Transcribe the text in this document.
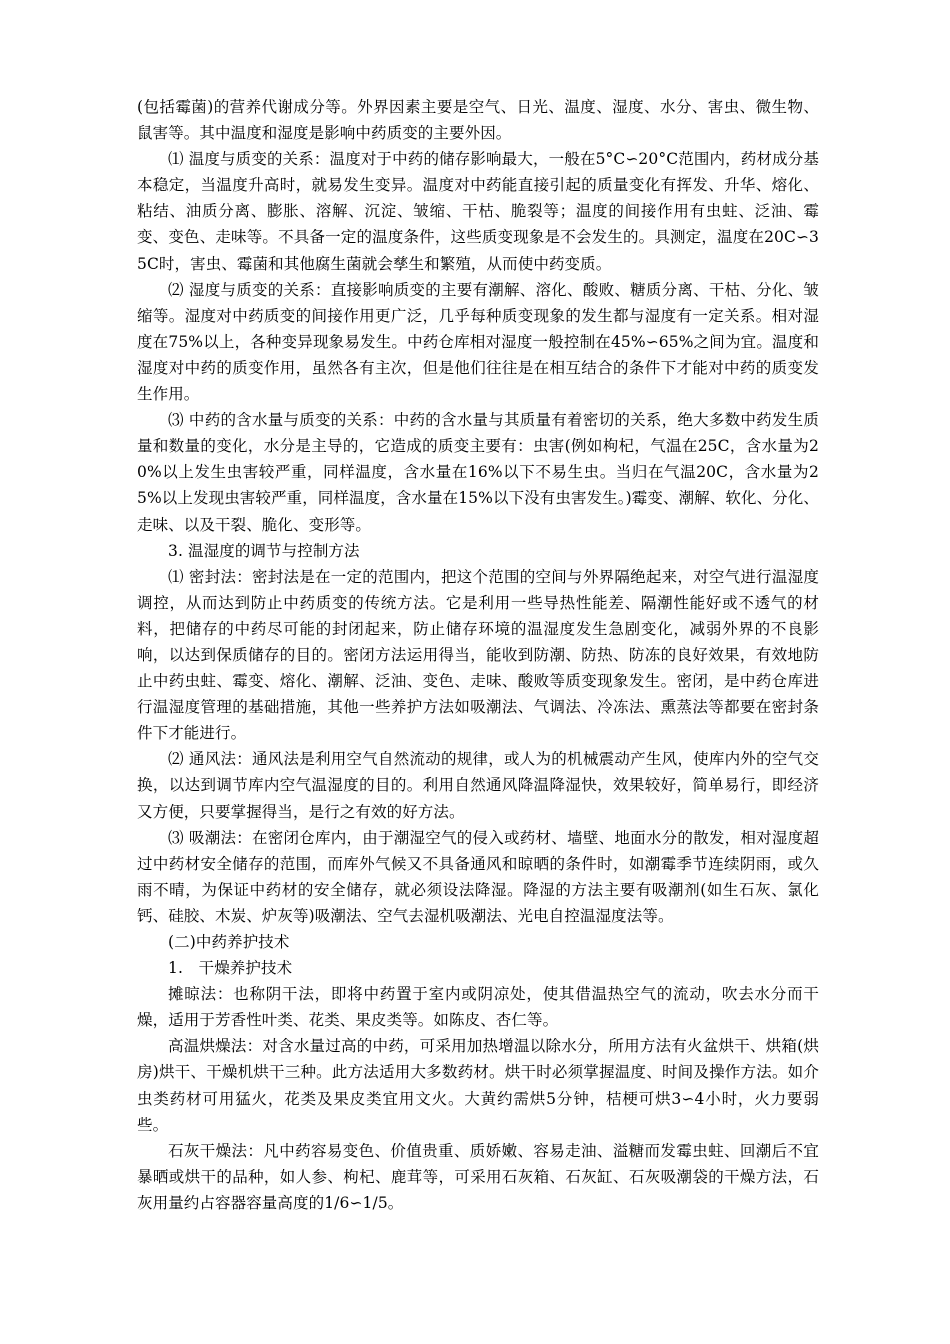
(包括霉菌)的营养代谢成分等。外界因素主要是空气、日光、温度、湿度、水分、害虫、微生物、鼠害等。其中温度和湿度是影响中药质变的主要外因。

⑴ 温度与质变的关系：温度对于中药的储存影响最大，一般在5°C∽20°C范围内，药材成分基本稳定，当温度升高时，就易发生变异。温度对中药能直接引起的质量变化有挥发、升华、熔化、粘结、油质分离、膨胀、溶解、沉淀、皱缩、干枯、脆裂等；温度的间接作用有虫蛀、泛油、霉变、变色、走味等。不具备一定的温度条件，这些质变现象是不会发生的。具测定，温度在20C∽35C时，害虫、霉菌和其他腐生菌就会孳生和繁殖，从而使中药变质。

⑵ 湿度与质变的关系：直接影响质变的主要有潮解、溶化、酸败、糖质分离、干枯、分化、皱缩等。湿度对中药质变的间接作用更广泛，几乎每种质变现象的发生都与湿度有一定关系。相对湿度在75%以上，各种变异现象易发生。中药仓库相对湿度一般控制在45%∽65%之间为宜。温度和湿度对中药的质变作用，虽然各有主次，但是他们往往是在相互结合的条件下才能对中药的质变发生作用。

⑶ 中药的含水量与质变的关系：中药的含水量与其质量有着密切的关系，绝大多数中药发生质量和数量的变化，水分是主导的，它造成的质变主要有：虫害(例如枸杞，气温在25C，含水量为20%以上发生虫害较严重，同样温度，含水量在16%以下不易生虫。当归在气温20C，含水量为25%以上发现虫害较严重，同样温度，含水量在15%以下没有虫害发生。)霉变、潮解、软化、分化、走味、以及干裂、脆化、变形等。

3. 温湿度的调节与控制方法

⑴ 密封法：密封法是在一定的范围内，把这个范围的空间与外界隔绝起来，对空气进行温湿度调控，从而达到防止中药质变的传统方法。它是利用一些导热性能差、隔潮性能好或不透气的材料，把储存的中药尽可能的封闭起来，防止储存环境的温湿度发生急剧变化，减弱外界的不良影响，以达到保质储存的目的。密闭方法运用得当，能收到防潮、防热、防冻的良好效果，有效地防止中药虫蛀、霉变、熔化、潮解、泛油、变色、走味、酸败等质变现象发生。密闭，是中药仓库进行温湿度管理的基础措施，其他一些养护方法如吸潮法、气调法、冷冻法、熏蒸法等都要在密封条件下才能进行。

⑵ 通风法：通风法是利用空气自然流动的规律，或人为的机械震动产生风，使库内外的空气交换，以达到调节库内空气温湿度的目的。利用自然通风降温降湿快，效果较好，简单易行，即经济又方便，只要掌握得当，是行之有效的好方法。

⑶ 吸潮法：在密闭仓库内，由于潮湿空气的侵入或药材、墙壁、地面水分的散发，相对湿度超过中药材安全储存的范围，而库外气候又不具备通风和晾晒的条件时，如潮霉季节连续阴雨，或久雨不晴，为保证中药材的安全储存，就必须设法降湿。降湿的方法主要有吸潮剂(如生石灰、氯化钙、硅胶、木炭、炉灰等)吸潮法、空气去湿机吸潮法、光电自控温湿度法等。

(二)中药养护技术

1.　干燥养护技术

摊晾法：也称阴干法，即将中药置于室内或阴凉处，使其借温热空气的流动，吹去水分而干燥，适用于芳香性叶类、花类、果皮类等。如陈皮、杏仁等。

高温烘燥法：对含水量过高的中药，可采用加热增温以除水分，所用方法有火盆烘干、烘箱(烘房)烘干、干燥机烘干三种。此方法适用大多数药材。烘干时必须掌握温度、时间及操作方法。如介虫类药材可用猛火，花类及果皮类宜用文火。大黄约需烘5分钟，桔梗可烘3∽4小时，火力要弱些。

石灰干燥法：凡中药容易变色、价值贵重、质娇嫩、容易走油、溢糖而发霉虫蛀、回潮后不宜暴晒或烘干的品种，如人参、枸杞、鹿茸等，可采用石灰箱、石灰缸、石灰吸潮袋的干燥方法，石灰用量约占容器容量高度的1/6∽1/5。
